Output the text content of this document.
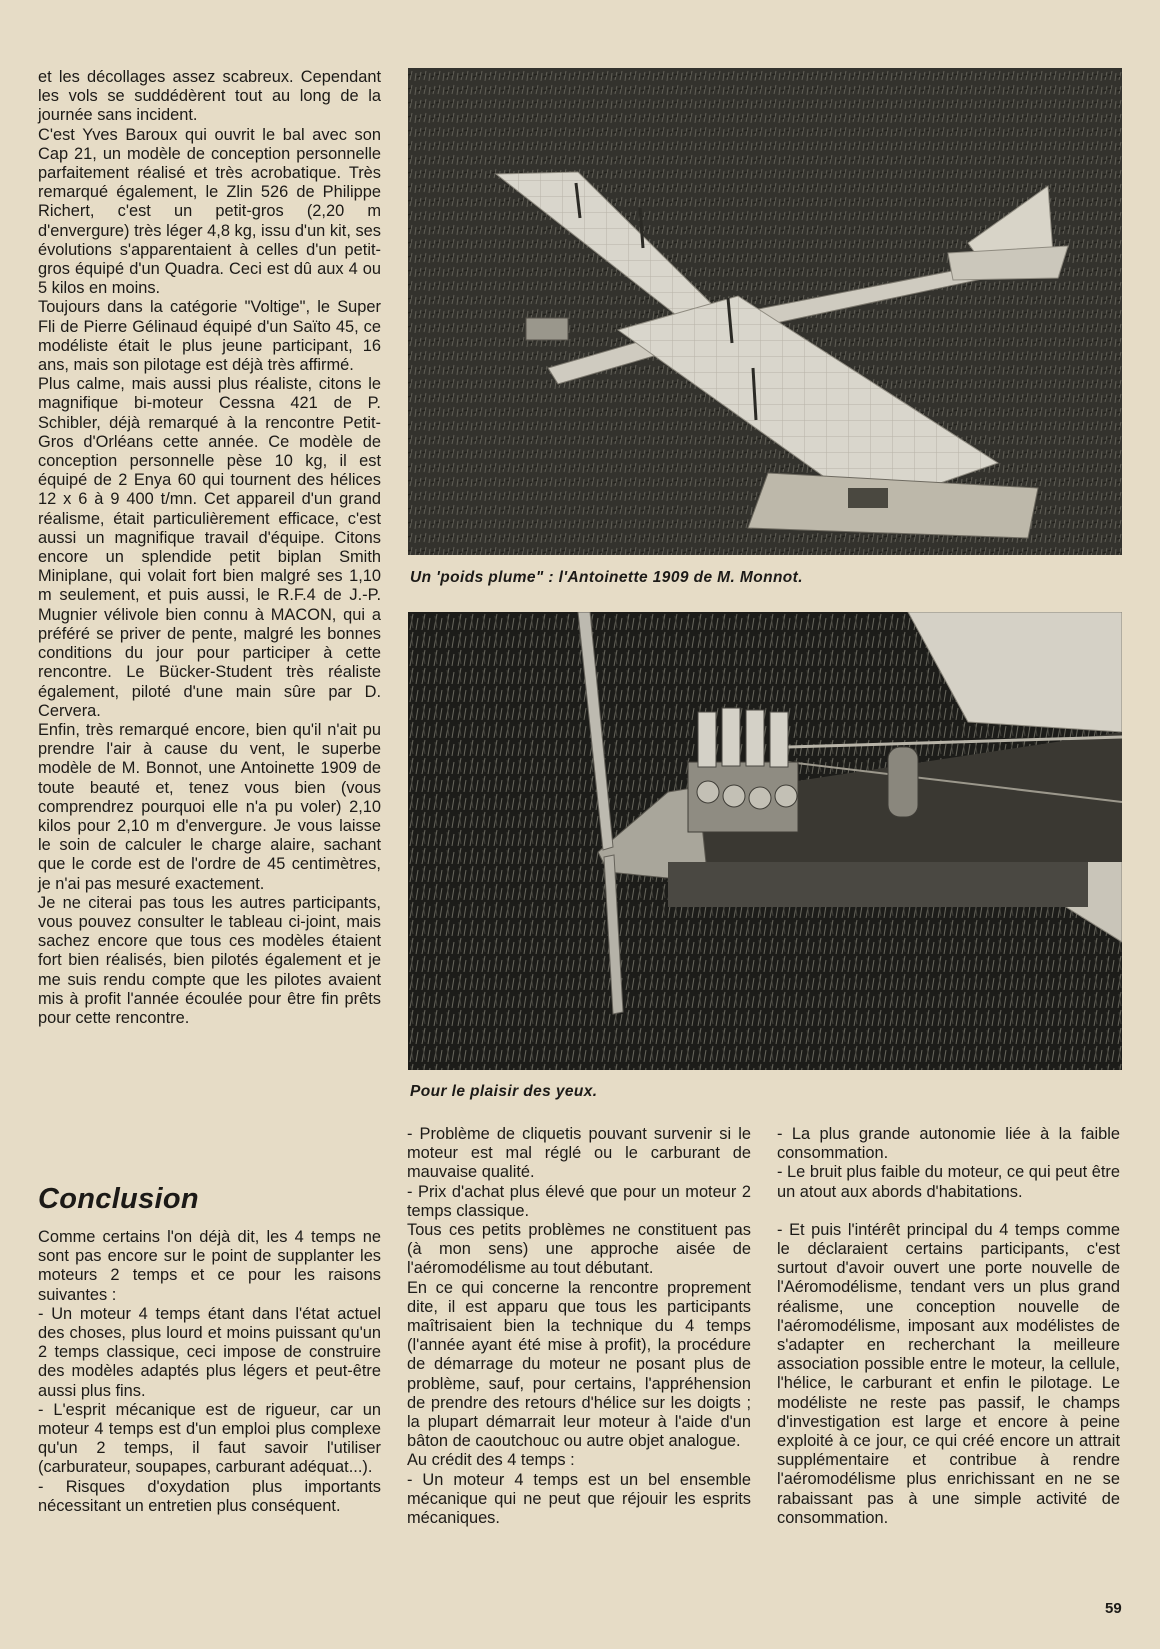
et les décollages assez scabreux. Cependant les vols se suddédèrent tout au long de la journée sans incident.

C'est Yves Baroux qui ouvrit le bal avec son Cap 21, un modèle de conception personnelle parfaitement réalisé et très acrobatique. Très remarqué également, le Zlin 526 de Philippe Richert, c'est un petit-gros (2,20 m d'envergure) très léger 4,8 kg, issu d'un kit, ses évolutions s'apparentaient à celles d'un petit-gros équipé d'un Quadra. Ceci est dû aux 4 ou 5 kilos en moins.

Toujours dans la catégorie "Voltige", le Super Fli de Pierre Gélinaud équipé d'un Saïto 45, ce modéliste était le plus jeune participant, 16 ans, mais son pilotage est déjà très affirmé.

Plus calme, mais aussi plus réaliste, citons le magnifique bi-moteur Cessna 421 de P. Schibler, déjà remarqué à la rencontre Petit-Gros d'Orléans cette année. Ce modèle de conception personnelle pèse 10 kg, il est équipé de 2 Enya 60 qui tournent des hélices 12 x 6 à 9 400 t/mn. Cet appareil d'un grand réalisme, était particulièrement efficace, c'est aussi un magnifique travail d'équipe. Citons encore un splendide petit biplan Smith Miniplane, qui volait fort bien malgré ses 1,10 m seulement, et puis aussi, le R.F.4 de J.-P. Mugnier vélivole bien connu à MACON, qui a préféré se priver de pente, malgré les bonnes conditions du jour pour participer à cette rencontre. Le Bücker-Student très réaliste également, piloté d'une main sûre par D. Cervera.

Enfin, très remarqué encore, bien qu'il n'ait pu prendre l'air à cause du vent, le superbe modèle de M. Bonnot, une Antoinette 1909 de toute beauté et, tenez vous bien (vous comprendrez pourquoi elle n'a pu voler) 2,10 kilos pour 2,10 m d'envergure. Je vous laisse le soin de calculer le charge alaire, sachant que le corde est de l'ordre de 45 centimètres, je n'ai pas mesuré exactement.

Je ne citerai pas tous les autres participants, vous pouvez consulter le tableau ci-joint, mais sachez encore que tous ces modèles étaient fort bien réalisés, bien pilotés également et je me suis rendu compte que les pilotes avaient mis à profit l'année écoulée pour être fin prêts pour cette rencontre.

Conclusion

Comme certains l'on déjà dit, les 4 temps ne sont pas encore sur le point de supplanter les moteurs 2 temps et ce pour les raisons suivantes :

- Un moteur 4 temps étant dans l'état actuel des choses, plus lourd et moins puissant qu'un 2 temps classique, ceci impose de construire des modèles adaptés plus légers et peut-être aussi plus fins.

- L'esprit mécanique est de rigueur, car un moteur 4 temps est d'un emploi plus complexe qu'un 2 temps, il faut savoir l'utiliser (carburateur, soupapes, carburant adéquat...).

- Risques d'oxydation plus importants nécessitant un entretien plus conséquent.

Un 'poids plume" : l'Antoinette 1909 de M. Monnot.
Pour le plaisir des yeux.

- Problème de cliquetis pouvant survenir si le moteur est mal réglé ou le carburant de mauvaise qualité.

- Prix d'achat plus élevé que pour un moteur 2 temps classique.

Tous ces petits problèmes ne constituent pas (à mon sens) une approche aisée de l'aéromodélisme au tout débutant.

En ce qui concerne la rencontre proprement dite, il est apparu que tous les participants maîtrisaient bien la technique du 4 temps (l'année ayant été mise à profit), la procédure de démarrage du moteur ne posant plus de problème, sauf, pour certains, l'appréhension de prendre des retours d'hélice sur les doigts ; la plupart démarrait leur moteur à l'aide d'un bâton de caoutchouc ou autre objet analogue.

Au crédit des 4 temps :

- Un moteur 4 temps est un bel ensemble mécanique qui ne peut que réjouir les esprits mécaniques.

- La plus grande autonomie liée à la faible consommation.

- Le bruit plus faible du moteur, ce qui peut être un atout aux abords d'habitations.

- Et puis l'intérêt principal du 4 temps comme le déclaraient certains participants, c'est surtout d'avoir ouvert une porte nouvelle de l'Aéromodélisme, tendant vers un plus grand réalisme, une conception nouvelle de l'aéromodélisme, imposant aux modélistes de s'adapter en recherchant la meilleure association possible entre le moteur, la cellule, l'hélice, le carburant et enfin le pilotage. Le modéliste ne reste pas passif, le champs d'investigation est large et encore à peine exploité à ce jour, ce qui créé encore un attrait supplémentaire et contribue à rendre l'aéromodélisme plus enrichissant en ne se rabaissant pas à une simple activité de consommation.

59
